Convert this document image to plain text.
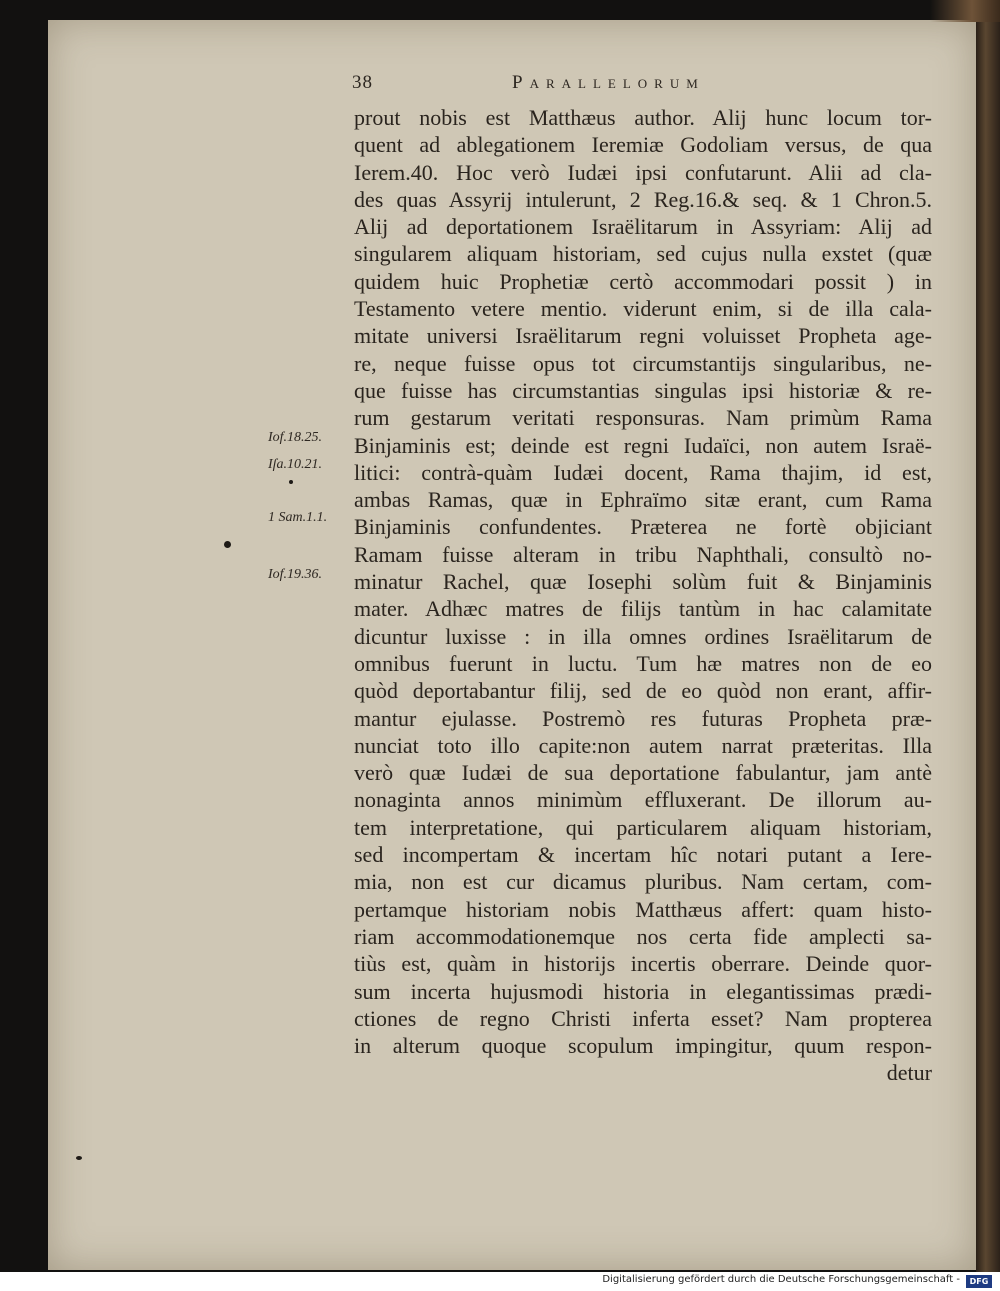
38	Parallelorum
prout nobis est Matthæus author. Alij hunc locum tor-
quent ad ablegationem Ieremiæ Godoliam versus, de qua
Ierem.40. Hoc verò Iudæi ipsi confutarunt. Alii ad cla-
des quas Assyrij intulerunt, 2 Reg.16.& seq. & 1 Chron.5.
Alij ad deportationem Israëlitarum in Assyriam: Alij ad
singularem aliquam historiam, sed cujus nulla exstet (quæ
quidem huic Prophetiæ certò accommodari possit ) in
Testamento vetere mentio. viderunt enim, si de illa cala-
mitate universi Israëlitarum regni voluisset Propheta age-
re, neque fuisse opus tot circumstantijs singularibus, ne-
que fuisse has circumstantias singulas ipsi historiæ & re-
rum gestarum veritati responsuras. Nam primùm Rama
Binjaminis est; deinde est regni Iudaïci, non autem Israë-
litici: contrà-quàm Iudæi docent, Rama thajim, id est,
ambas Ramas, quæ in Ephraïmo sitæ erant, cum Rama
Binjaminis confundentes. Præterea ne fortè objiciant
Ramam fuisse alteram in tribu Naphthali, consultò no-
minatur Rachel, quæ Iosephi solùm fuit & Binjaminis
mater. Adhæc matres de filijs tantùm in hac calamitate
dicuntur luxisse : in illa omnes ordines Israëlitarum de
omnibus fuerunt in luctu. Tum hæ matres non de eo
quòd deportabantur filij, sed de eo quòd non erant, affir-
mantur ejulasse. Postremò res futuras Propheta præ-
nunciat toto illo capite:non autem narrat præteritas. Illa
verò quæ Iudæi de sua deportatione fabulantur, jam antè
nonaginta annos minimùm effluxerant. De illorum au-
tem interpretatione, qui particularem aliquam historiam,
sed incompertam & incertam hîc notari putant a Iere-
mia, non est cur dicamus pluribus. Nam certam, com-
pertamque historiam nobis Matthæus affert: quam histo-
riam accommodationemque nos certa fide amplecti sa-
tiùs est, quàm in historijs incertis oberrare. Deinde quor-
sum incerta hujusmodi historia in elegantissimas prædi-
ctiones de regno Christi inferta esset? Nam propterea
in alterum quoque scopulum impingitur, quum respon-
detur
Iof.18.25.
Iſa.10.21.
1 Sam.1.1.
Iof.19.36.
Digitalisierung gefördert durch die Deutsche Forschungsgemeinschaft -	DFG
